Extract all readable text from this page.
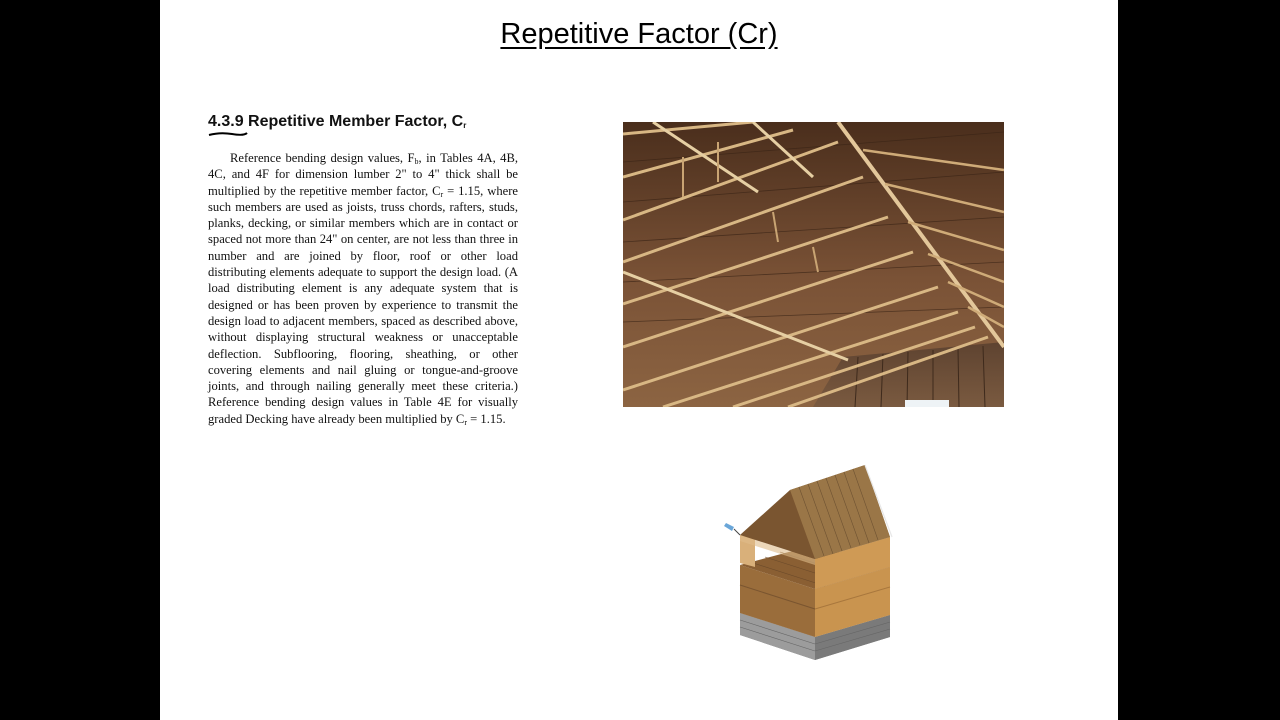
Repetitive Factor (Cr)
4.3.9 Repetitive Member Factor, $C_r$

Reference bending design values, $F_b$, in Tables 4A, 4B, 4C, and 4F for dimension lumber 2" to 4" thick shall be multiplied by the repetitive member factor, $C_r = 1.15$, where such members are used as joists, truss chords, rafters, studs, planks, decking, or similar members which are in contact or spaced not more than 24" on center, are not less than three in number and are joined by floor, roof or other load distributing elements adequate to support the design load. (A load distributing element is any adequate system that is designed or has been proven by experience to transmit the design load to adjacent members, spaced as described above, without displaying structural weakness or unacceptable deflection. Subflooring, flooring, sheathing, or other covering elements and nail gluing or tongue-and-groove joints, and through nailing generally meet these criteria.) Reference bending design values in Table 4E for visually graded Decking have already been multiplied by $C_r = 1.15$.
